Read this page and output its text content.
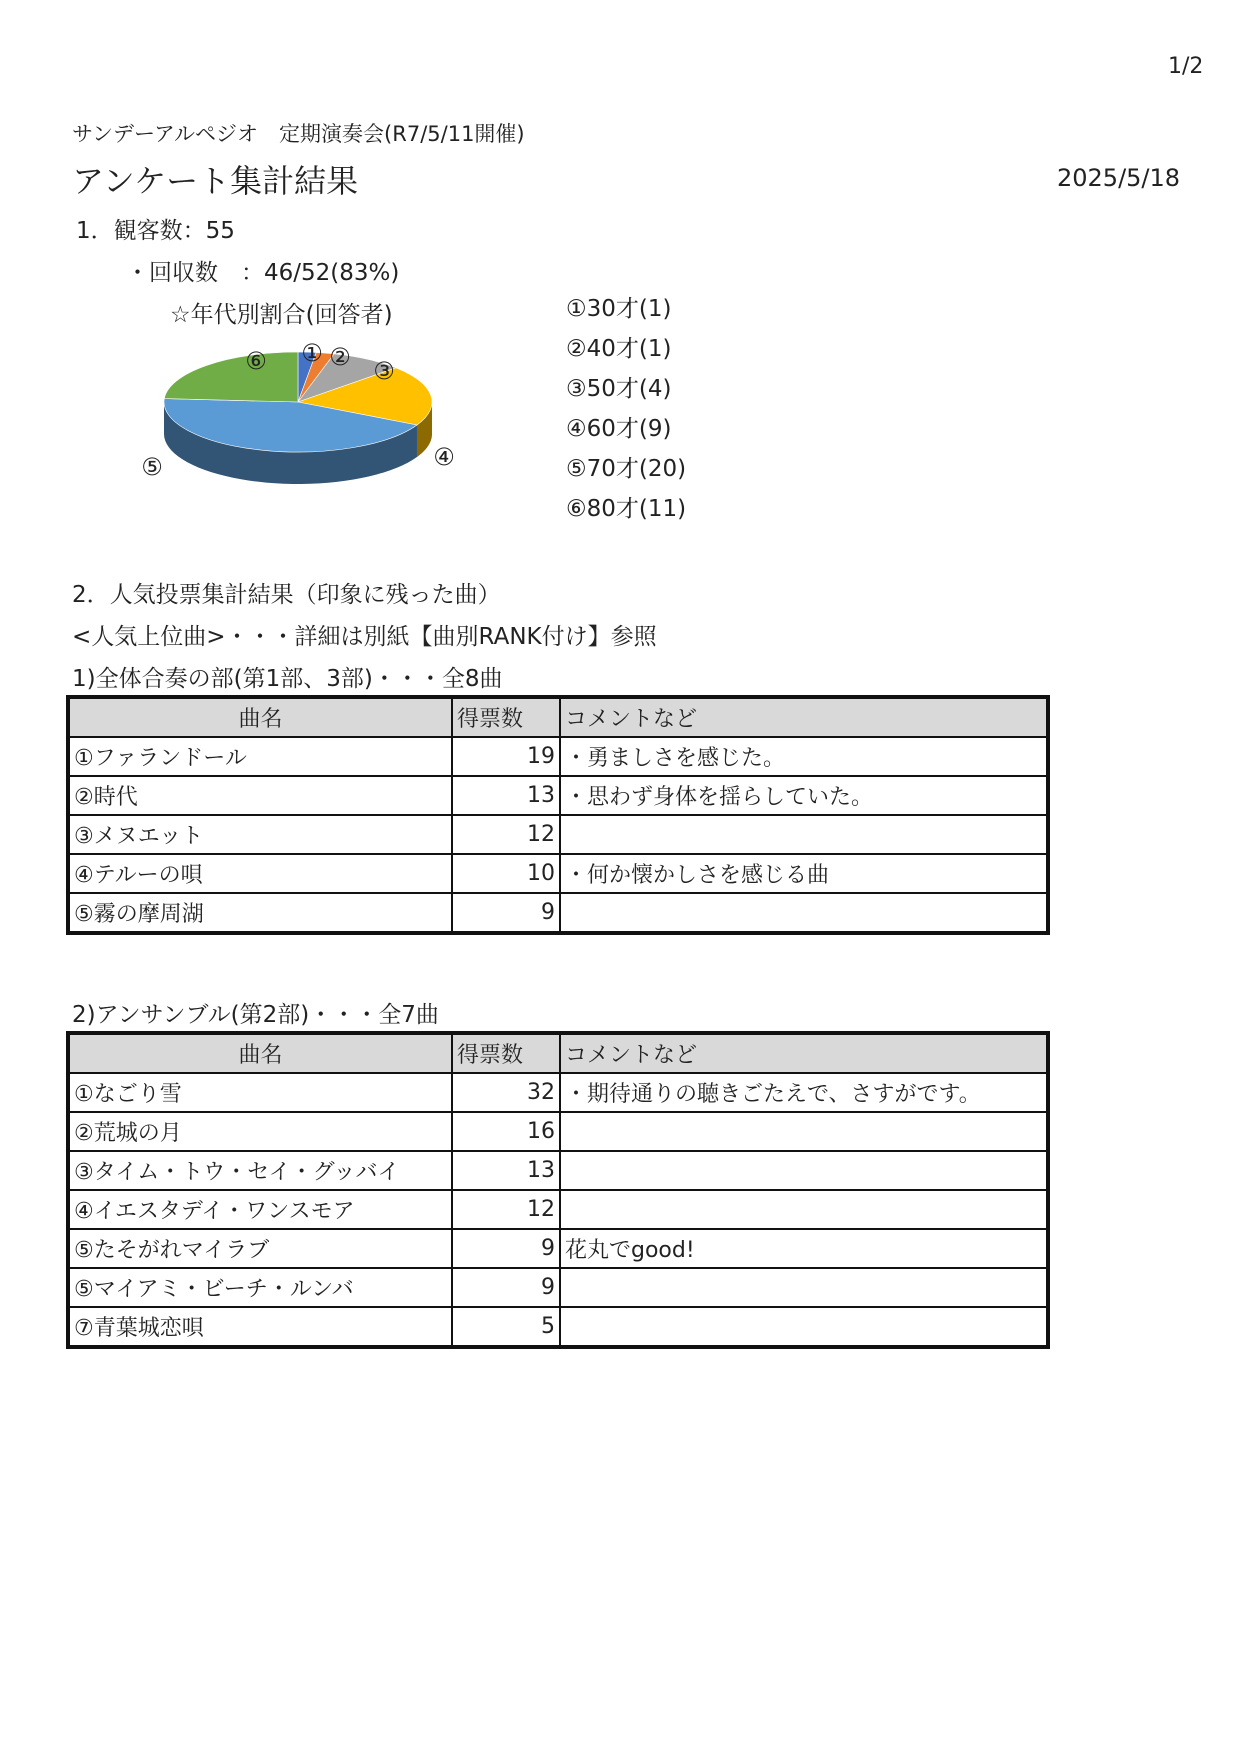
1/2
サンデーアルペジオ　定期演奏会(R7/5/11開催)
アンケート集計結果	2025/5/18
1．観客数：55
・回収数　：46/52(83%)
☆年代別割合(回答者)
① ② ③
④
⑤
⑥
①30才(1)
②40才(1)
③50才(4)
④60才(9)
⑤70才(20)
⑥80才(11)
2．人気投票集計結果（印象に残った曲）
<人気上位曲>・・・詳細は別紙【曲別RANK付け】参照
1)全体合奏の部(第1部、3部)・・・全8曲
曲名	得票数	コメントなど
①ファランドール	19	・勇ましさを感じた。
②時代	13	・思わず身体を揺らしていた。
③メヌエット	12	
④テルーの唄	10	・何か懐かしさを感じる曲
⑤霧の摩周湖	9	
2)アンサンブル(第2部)・・・全7曲
曲名	得票数	コメントなど
①なごり雪	32	・期待通りの聴きごたえで、さすがです。
②荒城の月	16	
③タイム・トウ・セイ・グッバイ	13	
④イエスタデイ・ワンスモア	12	
⑤たそがれマイラブ	9	花丸でgood!
⑤マイアミ・ビーチ・ルンバ	9	
⑦青葉城恋唄	5	
